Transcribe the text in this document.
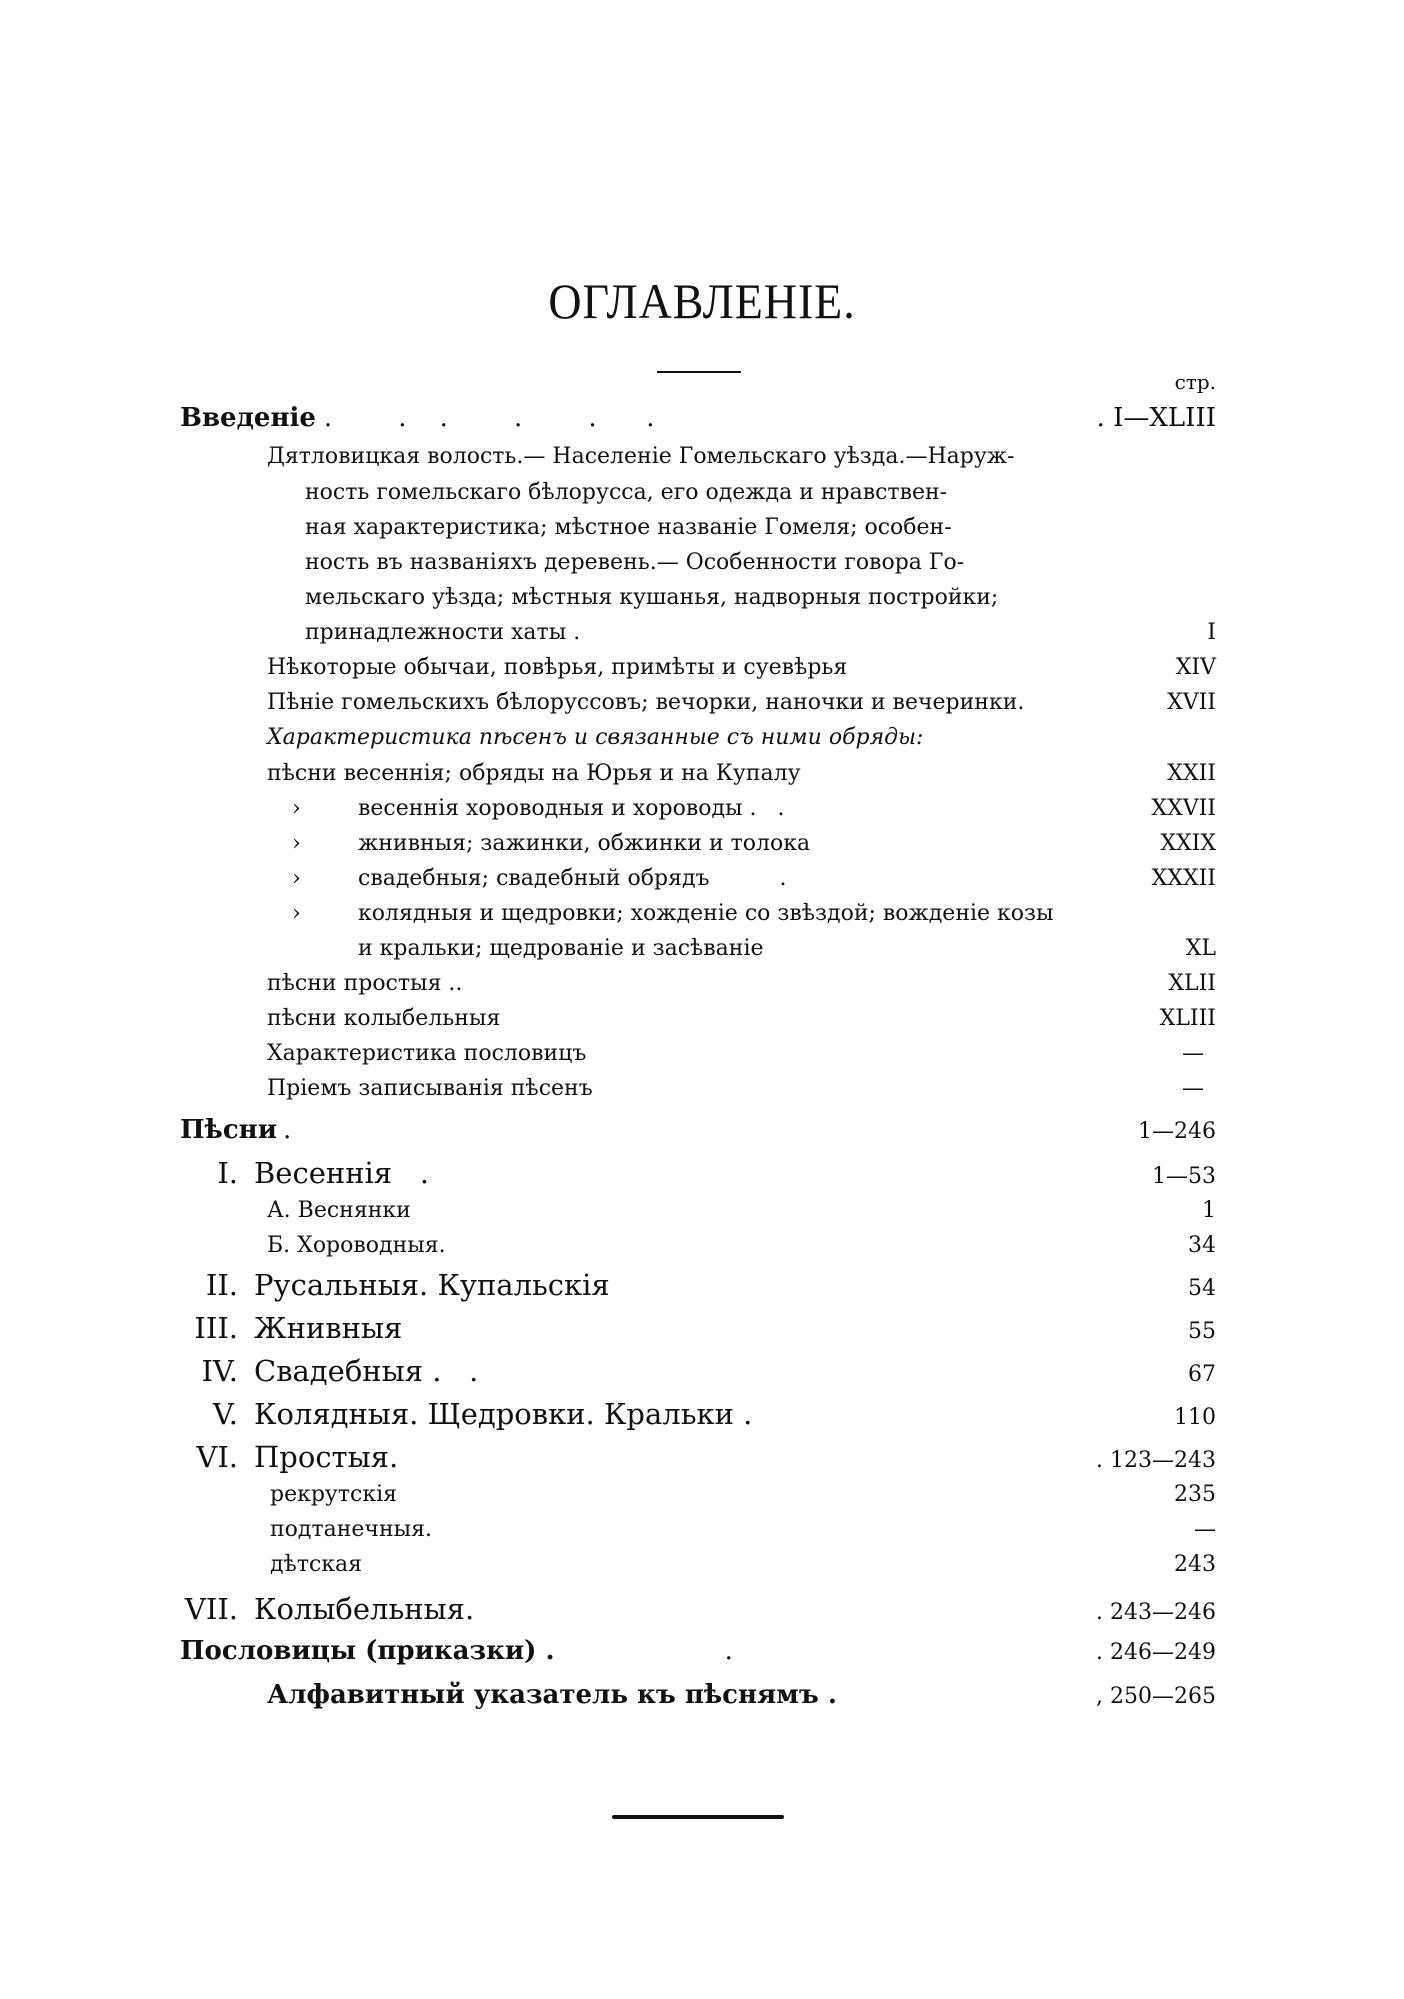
ОГЛАВЛЕНІЕ.
стр.
Введеніе .        .    .        .        .      .	. I—XLIII
Дятловицкая волость.— Населеніе Гомельскаго уѣзда.—Наруж-
ность гомельскаго бѣлорусса, его одежда и нравствен-
ная характеристика; мѣстное названіе Гомеля; особен-
ность въ названіяхъ деревень.— Особенности говора Го-
мельскаго уѣзда; мѣстныя кушанья, надворныя постройки;
принадлежности хаты .	I
Нѣкоторые обычаи, повѣрья, примѣты и суевѣрья	XIV
Пѣніе гомельскихъ бѣлоруссовъ; вечорки, наночки и вечеринки.	XVII
Характеристика пѣсенъ и связанные съ ними обряды:
пѣсни весеннія; обряды на Юрья и на Купалу	XXII
›	весеннія хороводныя и хороводы .   .	XXVII
›	жнивныя; зажинки, обжинки и толока	XXIX
›	свадебныя; свадебный обрядъ          .	XXXII
›	колядныя и щедровки; хожденіе со звѣздой; вожденіе козы
и кральки; щедрованіе и засѣваніе	XL
пѣсни простыя ..	XLII
пѣсни колыбельныя	XLIII
Характеристика пословицъ	—
Пріемъ записыванія пѣсенъ	—
Пѣсни .	1—246
I. Весеннія   .	1—53
А. Веснянки	1
Б. Хороводныя.	34
II. Русальныя. Купальскія	54
III. Жнивныя	55
IV. Свадебныя .   .	67
V. Колядныя. Щедровки. Кральки .	110
VI. Простыя.	. 123—243
рекрутскія	235
подтанечныя.	—
дѣтская	243
VII. Колыбельныя.	. 243—246
Пословицы (приказки) .	.	. 246—249
Алфавитный указатель къ пѣснямъ .	, 250—265
